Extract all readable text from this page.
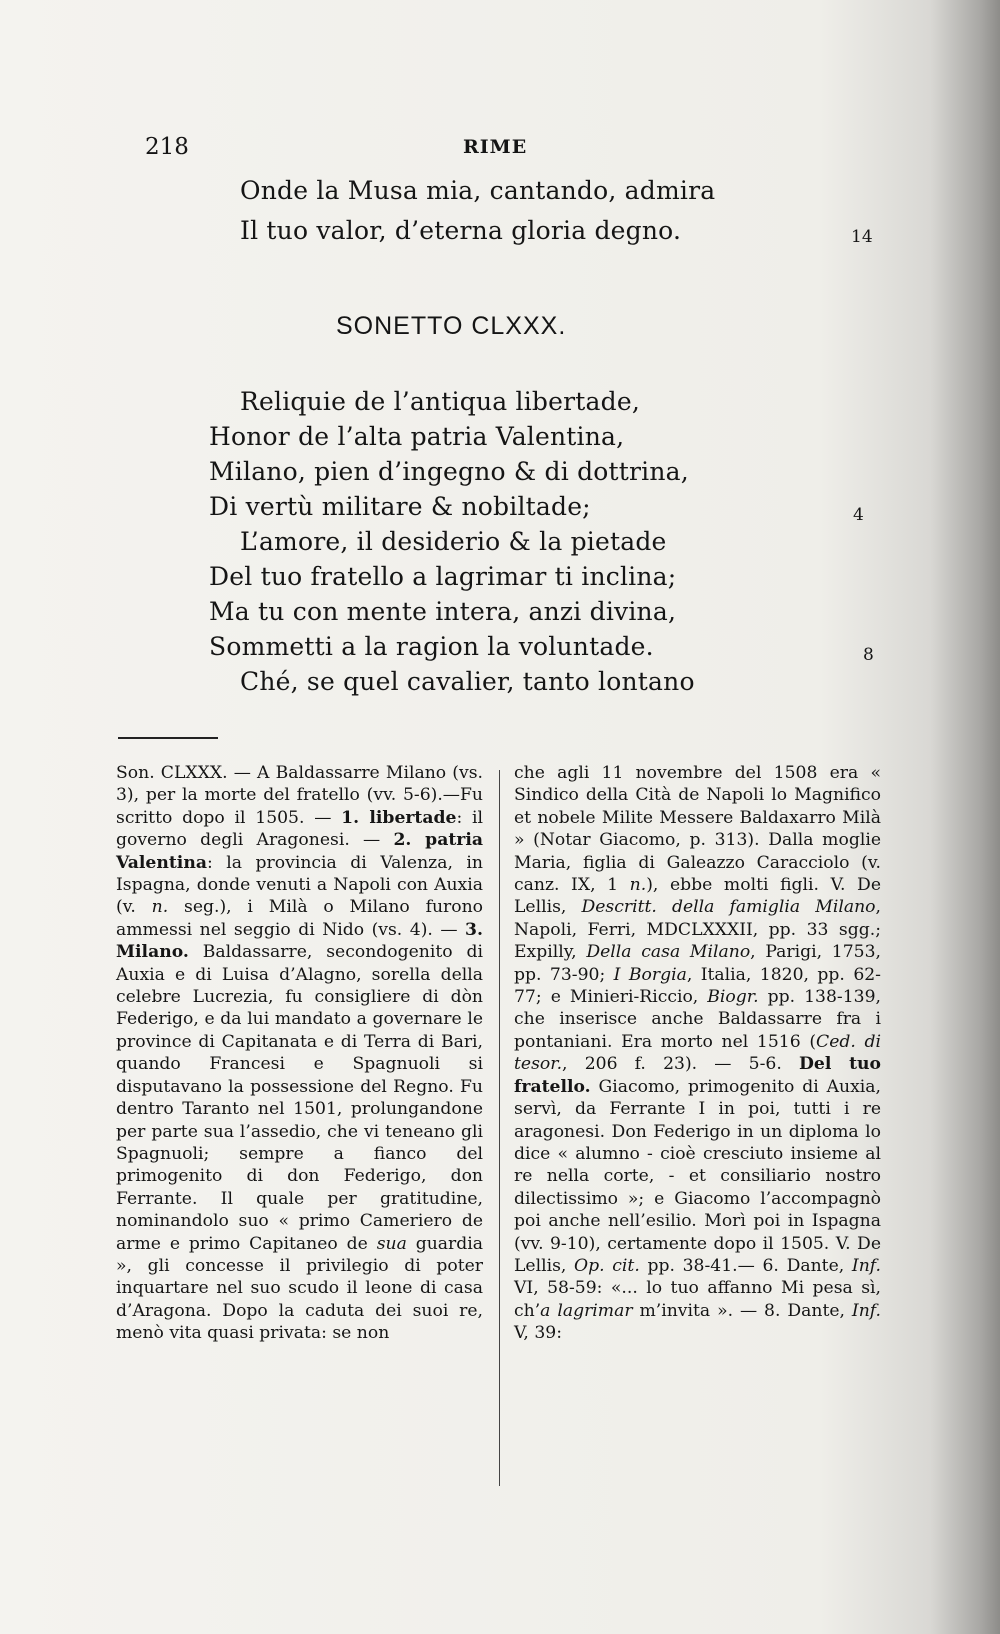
218	RIME
Onde la Musa mia, cantando, admira
Il tuo valor, d’eterna gloria degno.	14
SONETTO CLXXX.
Reliquie de l’antiqua libertade,
Honor de l’alta patria Valentina,
Milano, pien d’ingegno & di dottrina,
Di vertù militare & nobiltade;	4
L’amore, il desiderio & la pietade
Del tuo fratello a lagrimar ti inclina;
Ma tu con mente intera, anzi divina,
Sommetti a la ragion la voluntade.	8
Ché, se quel cavalier, tanto lontano

Son. CLXXX. — A Baldassarre Milano (vs. 3), per la morte del fratello (vv. 5-6).—Fu scritto dopo il 1505. — 1. libertade: il governo degli Aragonesi. — 2. patria Valentina: la provincia di Valenza, in Ispagna, donde venuti a Napoli con Auxia (v. n. seg.), i Milà o Milano furono ammessi nel seggio di Nido (vs. 4). — 3. Milano. Baldassarre, secondogenito di Auxia e di Luisa d’Alagno, sorella della celebre Lucrezia, fu consigliere di dòn Federigo, e da lui mandato a governare le province di Capitanata e di Terra di Bari, quando Francesi e Spagnuoli si disputavano la possessione del Regno. Fu dentro Taranto nel 1501, prolungandone per parte sua l’assedio, che vi teneano gli Spagnuoli; sempre a fianco del primogenito di don Federigo, don Ferrante. Il quale per gratitudine, nominandolo suo « primo Cameriero de arme e primo Capitaneo de sua guardia », gli concesse il privilegio di poter inquartare nel suo scudo il leone di casa d’Aragona. Dopo la caduta dei suoi re, menò vita quasi privata: se non

che agli 11 novembre del 1508 era « Sindico della Cità de Napoli lo Magnifico et nobele Milite Messere Baldaxarro Milà » (Notar Giacomo, p. 313). Dalla moglie Maria, figlia di Galeazzo Caracciolo (v. canz. IX, 1 n.), ebbe molti figli. V. De Lellis, Descritt. della famiglia Milano, Napoli, Ferri, MDCLXXXII, pp. 33 sgg.; Expilly, Della casa Milano, Parigi, 1753, pp. 73-90; I Borgia, Italia, 1820, pp. 62-77; e Minieri-Riccio, Biogr. pp. 138-139, che inserisce anche Baldassarre fra i pontaniani. Era morto nel 1516 (Ced. di tesor., 206 f. 23). — 5-6. Del tuo fratello. Giacomo, primogenito di Auxia, servì, da Ferrante I in poi, tutti i re aragonesi. Don Federigo in un diploma lo dice « alumno - cioè cresciuto insieme al re nella corte, - et consiliario nostro dilectissimo »; e Giacomo l’accompagnò poi anche nell’esilio. Morì poi in Ispagna (vv. 9-10), certamente dopo il 1505. V. De Lellis, Op. cit. pp. 38-41.— 6. Dante, Inf. VI, 58-59: «... lo tuo affanno Mi pesa sì, ch’a lagrimar m’invita ». — 8. Dante, Inf. V, 39:
